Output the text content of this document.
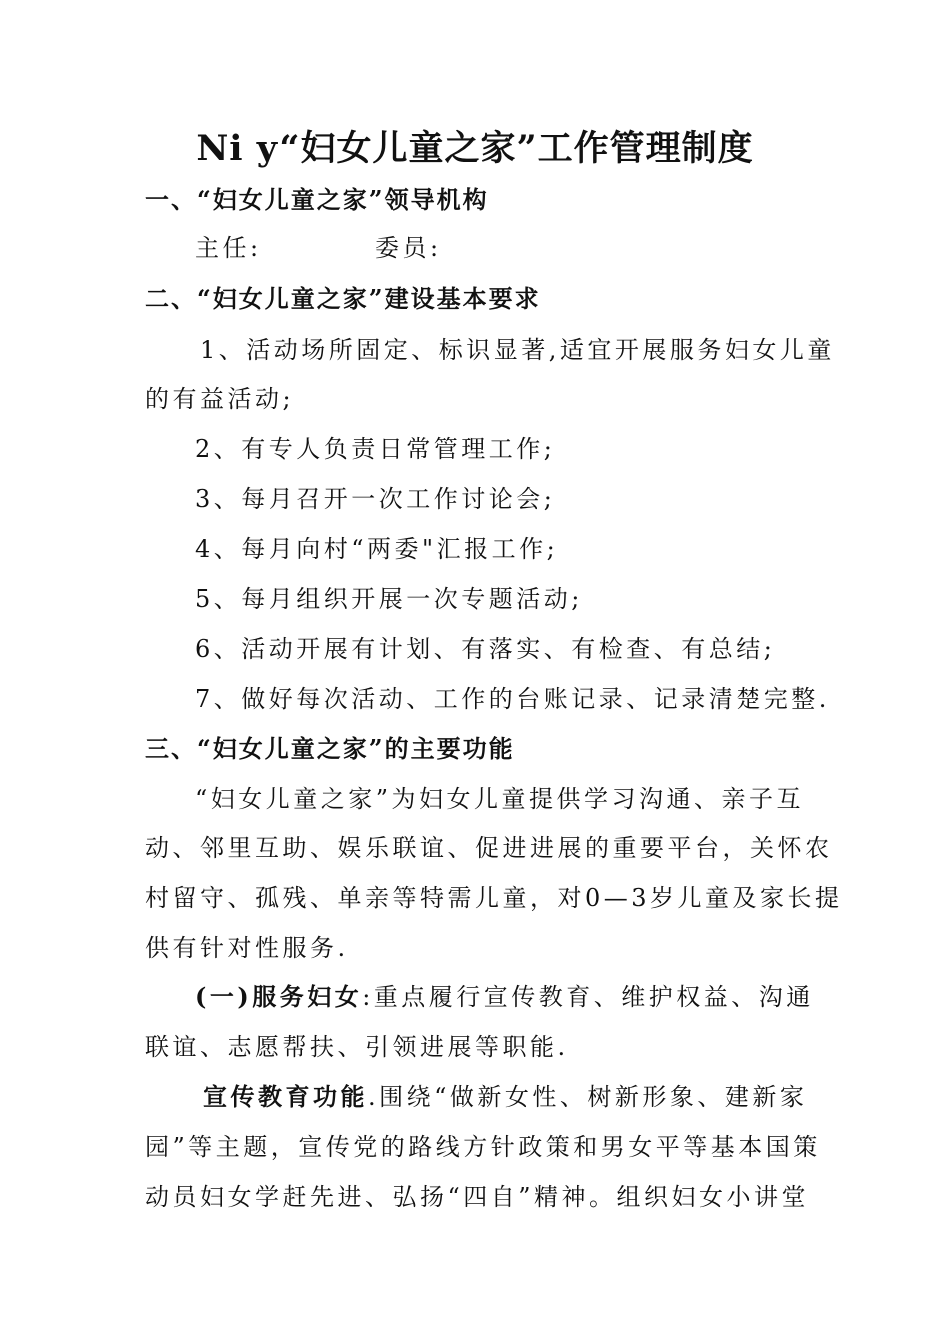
Ni y“妇女儿童之家”工作管理制度
一、“妇女儿童之家”领导机构
主任:	委员:
二、“妇女儿童之家”建设基本要求
1、活动场所固定、标识显著,适宜开展服务妇女儿童
的有益活动;
2、有专人负责日常管理工作;
3、每月召开一次工作讨论会;
4、每月向村“两委"汇报工作;
5、每月组织开展一次专题活动;
6、活动开展有计划、有落实、有检查、有总结;
7、做好每次活动、工作的台账记录、记录清楚完整.
三、“妇女儿童之家”的主要功能
“妇女儿童之家”为妇女儿童提供学习沟通、亲子互
动、邻里互助、娱乐联谊、促进进展的重要平台，关怀农
村留守、孤残、单亲等特需儿童，对0—3岁儿童及家长提
供有针对性服务.
(一)服务妇女:重点履行宣传教育、维护权益、沟通
联谊、志愿帮扶、引领进展等职能.
宣传教育功能.围绕“做新女性、树新形象、建新家
园”等主题，宣传党的路线方针政策和男女平等基本国策
动员妇女学赶先进、弘扬“四自”精神。组织妇女小讲堂
